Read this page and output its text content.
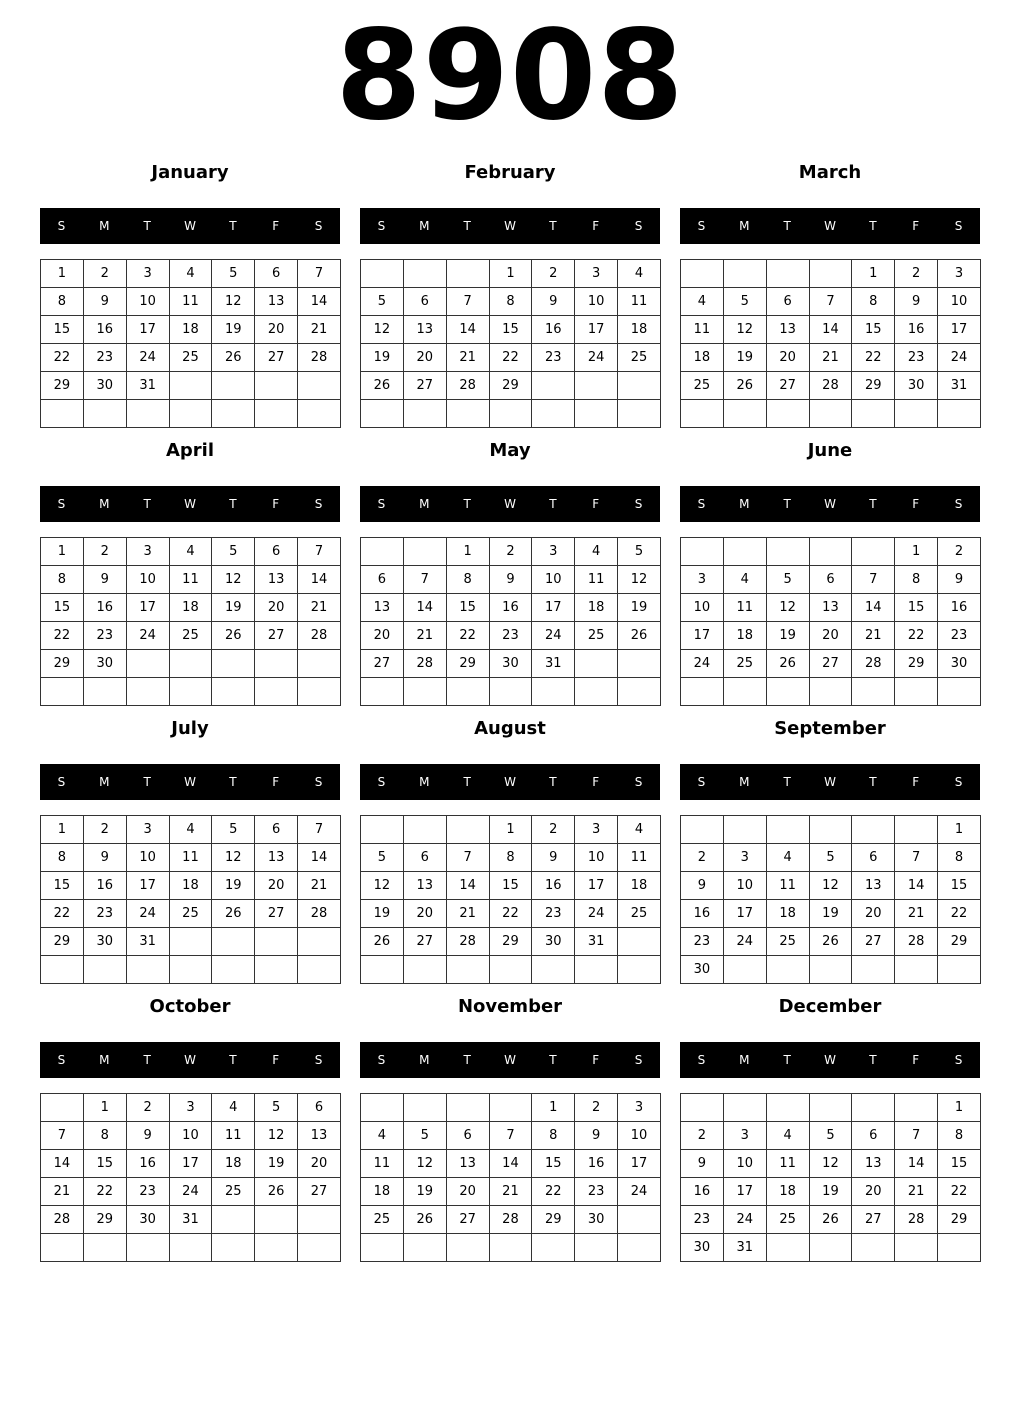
8908
January
S	M	T	W	T	F	S
1	2	3	4	5	6	7
8	9	10	11	12	13	14
15	16	17	18	19	20	21
22	23	24	25	26	27	28
29	30	31				

February
S	M	T	W	T	F	S
			1	2	3	4
5	6	7	8	9	10	11
12	13	14	15	16	17	18
19	20	21	22	23	24	25
26	27	28	29			

March
S	M	T	W	T	F	S
				1	2	3
4	5	6	7	8	9	10
11	12	13	14	15	16	17
18	19	20	21	22	23	24
25	26	27	28	29	30	31

April
S	M	T	W	T	F	S
1	2	3	4	5	6	7
8	9	10	11	12	13	14
15	16	17	18	19	20	21
22	23	24	25	26	27	28
29	30					

May
S	M	T	W	T	F	S
		1	2	3	4	5
6	7	8	9	10	11	12
13	14	15	16	17	18	19
20	21	22	23	24	25	26
27	28	29	30	31		

June
S	M	T	W	T	F	S
					1	2
3	4	5	6	7	8	9
10	11	12	13	14	15	16
17	18	19	20	21	22	23
24	25	26	27	28	29	30

July
S	M	T	W	T	F	S
1	2	3	4	5	6	7
8	9	10	11	12	13	14
15	16	17	18	19	20	21
22	23	24	25	26	27	28
29	30	31				

August
S	M	T	W	T	F	S
			1	2	3	4
5	6	7	8	9	10	11
12	13	14	15	16	17	18
19	20	21	22	23	24	25
26	27	28	29	30	31	

September
S	M	T	W	T	F	S
						1
2	3	4	5	6	7	8
9	10	11	12	13	14	15
16	17	18	19	20	21	22
23	24	25	26	27	28	29
30						
October
S	M	T	W	T	F	S
	1	2	3	4	5	6
7	8	9	10	11	12	13
14	15	16	17	18	19	20
21	22	23	24	25	26	27
28	29	30	31			

November
S	M	T	W	T	F	S
				1	2	3
4	5	6	7	8	9	10
11	12	13	14	15	16	17
18	19	20	21	22	23	24
25	26	27	28	29	30	

December
S	M	T	W	T	F	S
						1
2	3	4	5	6	7	8
9	10	11	12	13	14	15
16	17	18	19	20	21	22
23	24	25	26	27	28	29
30	31					
